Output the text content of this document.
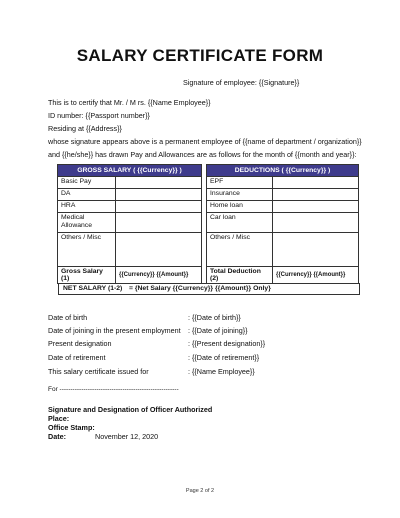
SALARY CERTIFICATE FORM
Signature of employee: {{Signature}}
This is to certify that Mr. / M rs. {{Name Employee}}
ID number: {{Passport number}}
Residing at {{Address}}
whose signature appears above is a permanent employee of {{name of department / organization}}
and {{he/she}} has drawn Pay and Allowances are as follows for the month of {{month and year}}:
GROSS SALARY ( {{Currency}} )	
Basic Pay	
DA	
HRA	
Medical
Allowance	
Others / Misc	
Gross Salary (1)	{{Currency}} {{Amount}}
DEDUCTIONS ( {{Currency}} )	
EPF	
Insurance	
Home loan	
Car loan	
Others / Misc	
Total Deduction (2)	{{Currency}} {{Amount}}
NET SALARY (1-2) = {Net Salary {{Currency}} {{Amount}} Only}
Date of birth	: {{Date of birth}}
Date of joining in the present employment : {{Date of joining}}
Present designation	: {{Present designation}}
Date of retirement	: {{Date of retirement}}
This salary certificate issued for	: {{Name Employee}}
For -------------------------------------------------------
Signature and Designation of Officer Authorized
Place:
Office Stamp:
Date:	November 12, 2020
Page 2 of 2
